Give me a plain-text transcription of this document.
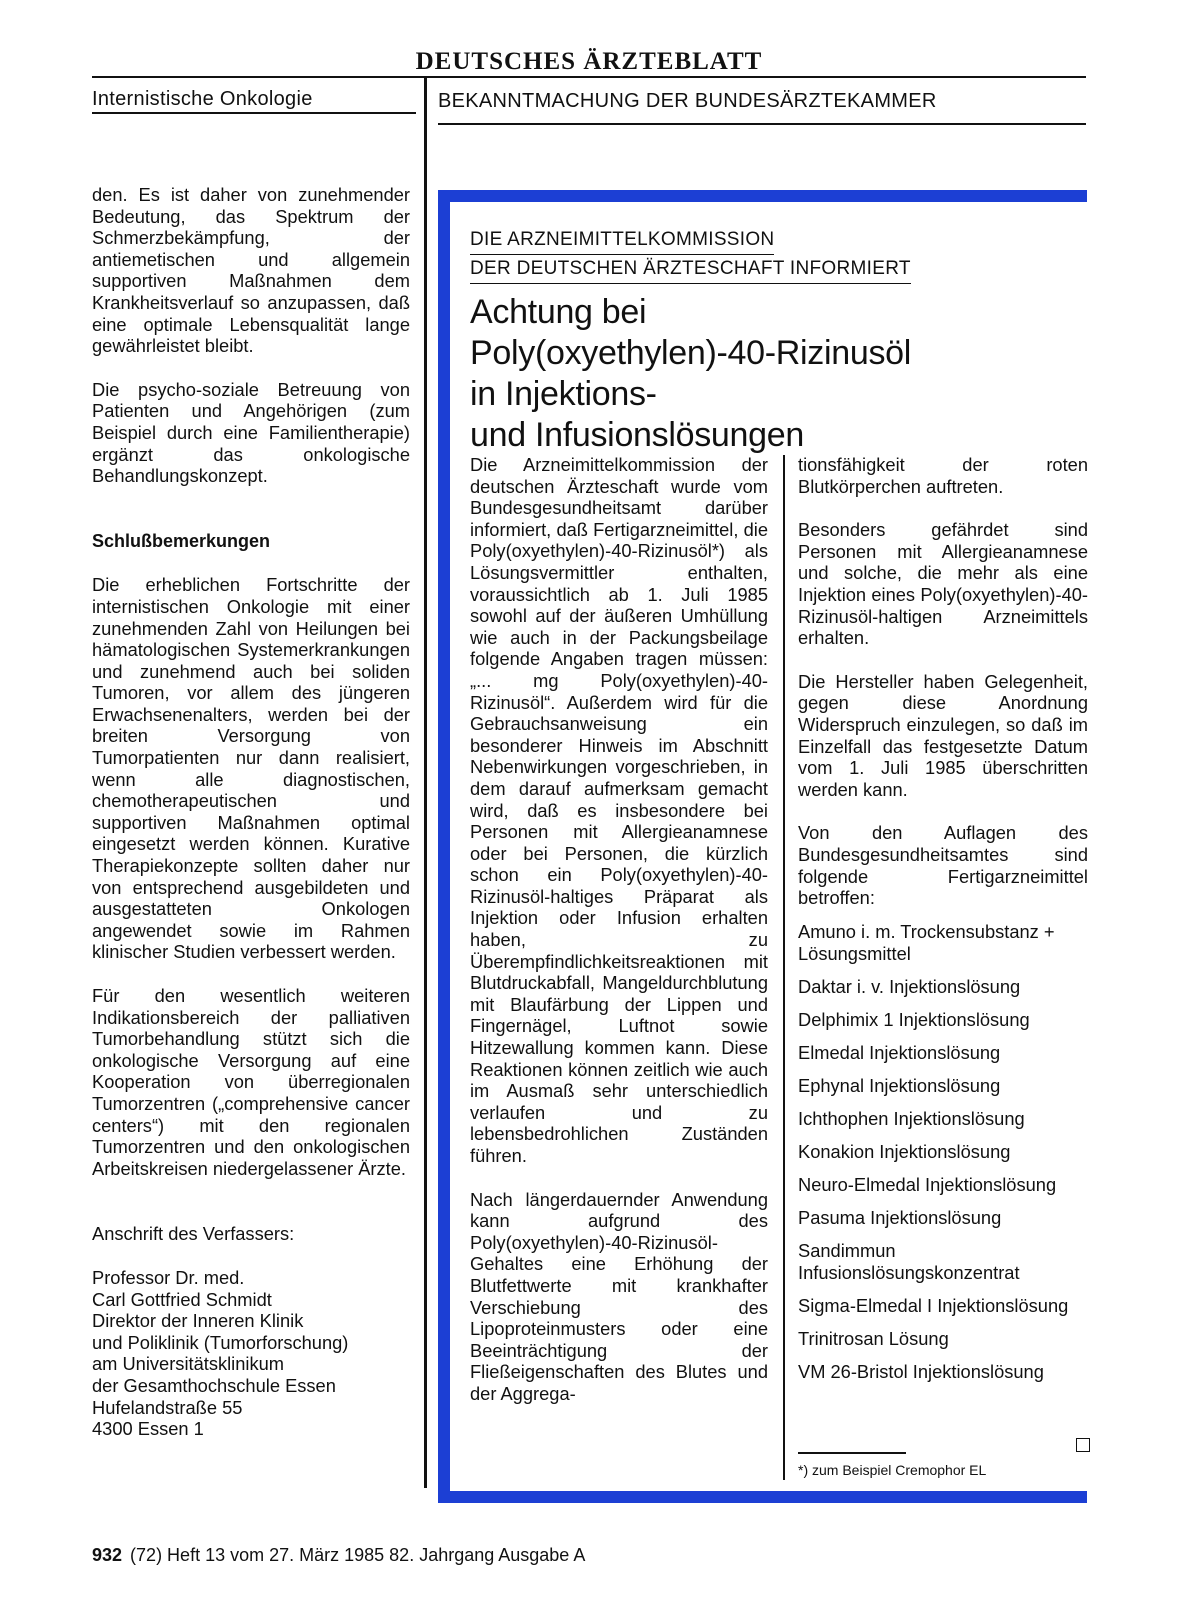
DEUTSCHES ÄRZTEBLATT
Internistische Onkologie	BEKANNTMACHUNG DER BUNDESÄRZTEKAMMER

den. Es ist daher von zunehmender Bedeutung, das Spektrum der Schmerzbekämpfung, der antiemetischen und allgemein supportiven Maßnahmen dem Krankheitsverlauf so anzupassen, daß eine optimale Lebensqualität lange gewährleistet bleibt.

Die psycho-soziale Betreuung von Patienten und Angehörigen (zum Beispiel durch eine Familientherapie) ergänzt das onkologische Behandlungskonzept.

Schlußbemerkungen

Die erheblichen Fortschritte der internistischen Onkologie mit einer zunehmenden Zahl von Heilungen bei hämatologischen Systemerkrankungen und zunehmend auch bei soliden Tumoren, vor allem des jüngeren Erwachsenenalters, werden bei der breiten Versorgung von Tumorpatienten nur dann realisiert, wenn alle diagnostischen, chemotherapeutischen und supportiven Maßnahmen optimal eingesetzt werden können. Kurative Therapiekonzepte sollten daher nur von entsprechend ausgebildeten und ausgestatteten Onkologen angewendet sowie im Rahmen klinischer Studien verbessert werden.

Für den wesentlich weiteren Indikationsbereich der palliativen Tumorbehandlung stützt sich die onkologische Versorgung auf eine Kooperation von überregionalen Tumorzentren („comprehensive cancer centers“) mit den regionalen Tumorzentren und den onkologischen Arbeitskreisen niedergelassener Ärzte.

Anschrift des Verfassers:

Professor Dr. med.
Carl Gottfried Schmidt
Direktor der Inneren Klinik
und Poliklinik (Tumorforschung)
am Universitätsklinikum
der Gesamthochschule Essen
Hufelandstraße 55
4300 Essen 1
DIE ARZNEIMITTELKOMMISSION
DER DEUTSCHEN ÄRZTESCHAFT INFORMIERT
Achtung bei
Poly(oxyethylen)-40-Rizinusöl
in Injektions-
und Infusionslösungen

Die Arzneimittelkommission der deutschen Ärzteschaft wurde vom Bundesgesundheitsamt darüber informiert, daß Fertigarzneimittel, die Poly(oxyethylen)-40-Rizinusöl*) als Lösungsvermittler enthalten, voraussichtlich ab 1. Juli 1985 sowohl auf der äußeren Umhüllung wie auch in der Packungsbeilage folgende Angaben tragen müssen: „... mg Poly(oxyethylen)-40-Rizinusöl“. Außerdem wird für die Gebrauchsanweisung ein besonderer Hinweis im Abschnitt Nebenwirkungen vorgeschrieben, in dem darauf aufmerksam gemacht wird, daß es insbesondere bei Personen mit Allergieanamnese oder bei Personen, die kürzlich schon ein Poly(oxyethylen)-40-Rizinusöl-haltiges Präparat als Injektion oder Infusion erhalten haben, zu Überempfindlichkeitsreaktionen mit Blutdruckabfall, Mangeldurchblutung mit Blaufärbung der Lippen und Fingernägel, Luftnot sowie Hitzewallung kommen kann. Diese Reaktionen können zeitlich wie auch im Ausmaß sehr unterschiedlich verlaufen und zu lebensbedrohlichen Zuständen führen.

Nach längerdauernder Anwendung kann aufgrund des Poly(oxyethylen)-40-Rizinusöl-Gehaltes eine Erhöhung der Blutfettwerte mit krankhafter Verschiebung des Lipoproteinmusters oder eine Beeinträchtigung der Fließeigenschaften des Blutes und der Aggrega-

tionsfähigkeit der roten Blutkörperchen auftreten.

Besonders gefährdet sind Personen mit Allergieanamnese und solche, die mehr als eine Injektion eines Poly(oxyethylen)-40-Rizinusöl-haltigen Arzneimittels erhalten.

Die Hersteller haben Gelegenheit, gegen diese Anordnung Widerspruch einzulegen, so daß im Einzelfall das festgesetzte Datum vom 1. Juli 1985 überschritten werden kann.

Von den Auflagen des Bundesgesundheitsamtes sind folgende Fertigarzneimittel betroffen:

Amuno i. m. Trockensubstanz + Lösungsmittel
Daktar i. v. Injektionslösung
Delphimix 1 Injektionslösung
Elmedal Injektionslösung
Ephynal Injektionslösung
Ichthophen Injektionslösung
Konakion Injektionslösung
Neuro-Elmedal Injektionslösung
Pasuma Injektionslösung
Sandimmun Infusionslösungskonzentrat
Sigma-Elmedal I Injektionslösung
Trinitrosan Lösung
VM 26-Bristol Injektionslösung
*) zum Beispiel Cremophor EL
932 (72) Heft 13 vom 27. März 1985 82. Jahrgang Ausgabe A
